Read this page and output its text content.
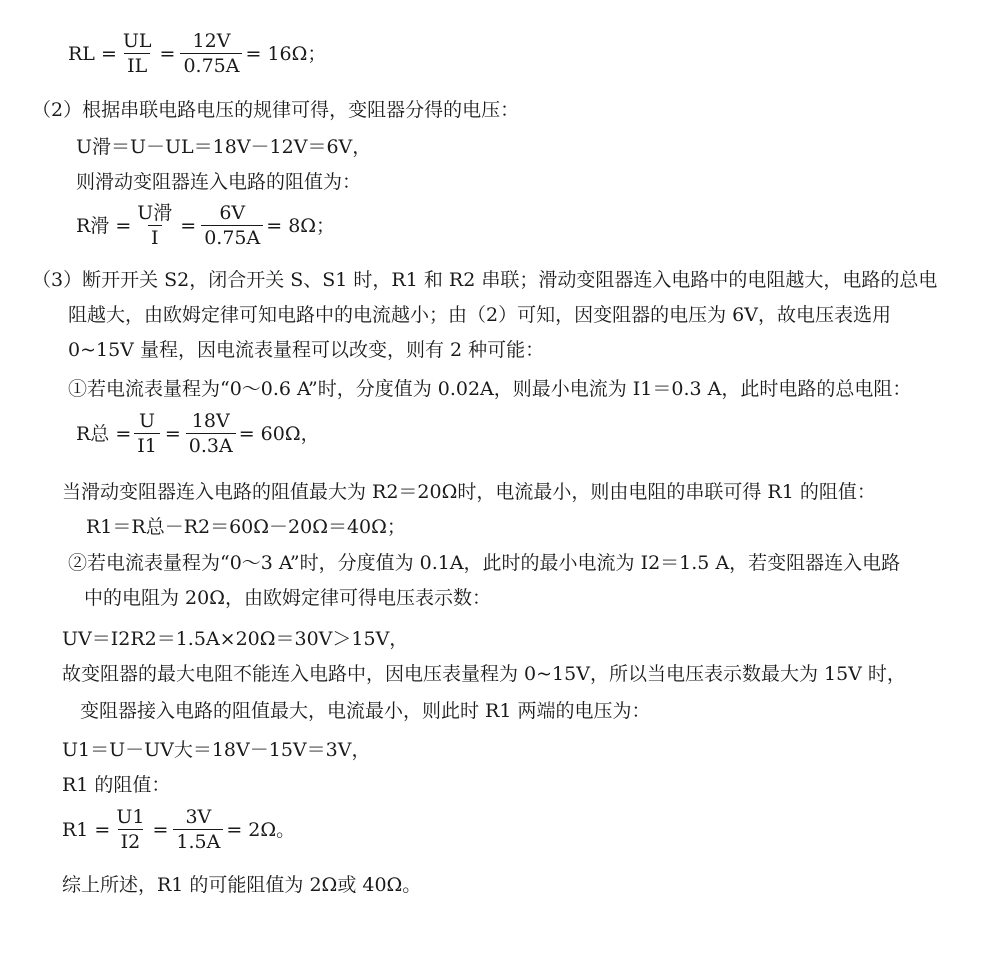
RL = $\frac{UL}{IL} = \frac{12V}{0.75A} = 16\Omega$；
（2）根据串联电路电压的规律可得，变阻器分得的电压：
U滑＝U－UL＝18V－12V＝6V，
则滑动变阻器连入电路的阻值为：
R滑 = $\frac{\text{U滑}}{I} = \frac{6V}{0.75A} = 8\Omega$；
（3）断开开关 S2，闭合开关 S、S1 时，R1 和 R2 串联；滑动变阻器连入电路中的电阻越大，电路的总电
阻越大，由欧姆定律可知电路中的电流越小；由（2）可知，因变阻器的电压为 6V，故电压表选用
0~15V 量程，因电流表量程可以改变，则有 2 种可能：
①若电流表量程为“0～0.6 A”时，分度值为 0.02A，则最小电流为 I1＝0.3 A，此时电路的总电阻：
R总 = $\frac{U}{I1} = \frac{18V}{0.3A} = 60\Omega$，
当滑动变阻器连入电路的阻值最大为 R2＝20Ω时，电流最小，则由电阻的串联可得 R1 的阻值：
R1＝R总－R2＝60Ω－20Ω＝40Ω；
②若电流表量程为“0～3 A”时，分度值为 0.1A，此时的最小电流为 I2＝1.5 A，若变阻器连入电路
中的电阻为 20Ω，由欧姆定律可得电压表示数：
UV＝I2R2＝1.5A×20Ω＝30V＞15V，
故变阻器的最大电阻不能连入电路中，因电压表量程为 0~15V，所以当电压表示数最大为 15V 时，
变阻器接入电路的阻值最大，电流最小，则此时 R1 两端的电压为：
U1＝U－UV大＝18V－15V＝3V，
R1 的阻值：
$R1 = \frac{U1}{I2} = \frac{3V}{1.5A} = 2\Omega$。
综上所述，R1 的可能阻值为 2Ω或 40Ω。
